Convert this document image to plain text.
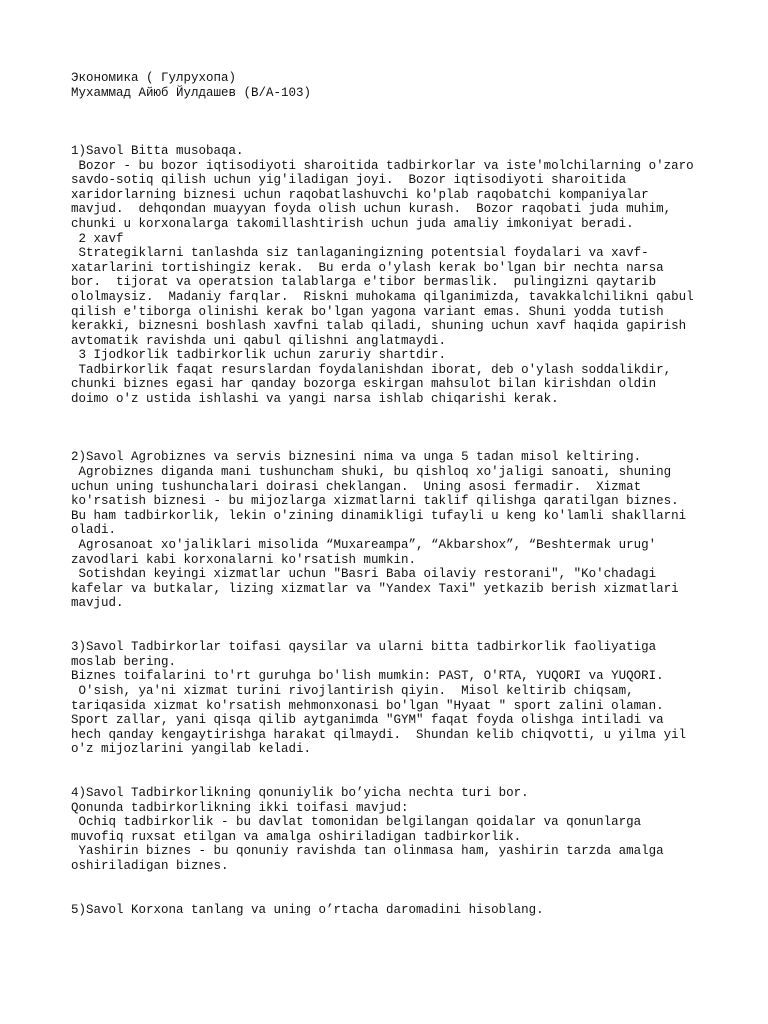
Экономика ( Гулрухопа)
Мухаммад Айюб Йулдашев (B/A-103)
1)Savol Bitta musobaqa.
Bozor - bu bozor iqtisodiyoti sharoitida tadbirkorlar va iste'molchilarning o'zaro
savdo-sotiq qilish uchun yig'iladigan joyi.  Bozor iqtisodiyoti sharoitida
xaridorlarning biznesi uchun raqobatlashuvchi ko'plab raqobatchi kompaniyalar
mavjud.  dehqondan muayyan foyda olish uchun kurash.  Bozor raqobati juda muhim,
chunki u korxonalarga takomillashtirish uchun juda amaliy imkoniyat beradi.
2 xavf
Strategiklarni tanlashda siz tanlaganingizning potentsial foydalari va xavf-
xatarlarini tortishingiz kerak.  Bu erda o'ylash kerak bo'lgan bir nechta narsa
bor.  tijorat va operatsion talablarga e'tibor bermaslik.  pulingizni qaytarib
ololmaysiz.  Madaniy farqlar.  Riskni muhokama qilganimizda, tavakkalchilikni qabul
qilish e'tiborga olinishi kerak bo'lgan yagona variant emas. Shuni yodda tutish
kerakki, biznesni boshlash xavfni talab qiladi, shuning uchun xavf haqida gapirish
avtomatik ravishda uni qabul qilishni anglatmaydi.
3 Ijodkorlik tadbirkorlik uchun zaruriy shartdir.
Tadbirkorlik faqat resurslardan foydalanishdan iborat, deb o'ylash soddalikdir,
chunki biznes egasi har qanday bozorga eskirgan mahsulot bilan kirishdan oldin
doimo o'z ustida ishlashi va yangi narsa ishlab chiqarishi kerak.
2)Savol Agrobiznes va servis biznesini nima va unga 5 tadan misol keltiring.
Agrobiznes diganda mani tushuncham shuki, bu qishloq xo'jaligi sanoati, shuning
uchun uning tushunchalari doirasi cheklangan.  Uning asosi fermadir.  Xizmat
ko'rsatish biznesi - bu mijozlarga xizmatlarni taklif qilishga qaratilgan biznes.
Bu ham tadbirkorlik, lekin o'zining dinamikligi tufayli u keng ko'lamli shakllarni
oladi.
Agrosanoat xo'jaliklari misolida “Muxareampa”, “Akbarshox”, “Beshtermak urug'
zavodlari kabi korxonalarni ko'rsatish mumkin.
Sotishdan keyingi xizmatlar uchun "Basri Baba oilaviy restorani", "Ko'chadagi
kafelar va butkalar, lizing xizmatlar va "Yandex Taxi" yetkazib berish xizmatlari
mavjud.
3)Savol Tadbirkorlar toifasi qaysilar va ularni bitta tadbirkorlik faoliyatiga
moslab bering.
Biznes toifalarini to'rt guruhga bo'lish mumkin: PAST, O'RTA, YUQORI va YUQORI.
O'sish, ya'ni xizmat turini rivojlantirish qiyin.  Misol keltirib chiqsam,
tariqasida xizmat ko'rsatish mehmonxonasi bo'lgan "Hyaat " sport zalini olaman.
Sport zallar, yani qisqa qilib aytganimda "GYM" faqat foyda olishga intiladi va
hech qanday kengaytirishga harakat qilmaydi.  Shundan kelib chiqvotti, u yilma yil
o'z mijozlarini yangilab keladi.
4)Savol Tadbirkorlikning qonuniylik bo’yicha nechta turi bor.
Qonunda tadbirkorlikning ikki toifasi mavjud:
Ochiq tadbirkorlik - bu davlat tomonidan belgilangan qoidalar va qonunlarga
muvofiq ruxsat etilgan va amalga oshiriladigan tadbirkorlik.
Yashirin biznes - bu qonuniy ravishda tan olinmasa ham, yashirin tarzda amalga
oshiriladigan biznes.
5)Savol Korxona tanlang va uning o’rtacha daromadini hisoblang.
